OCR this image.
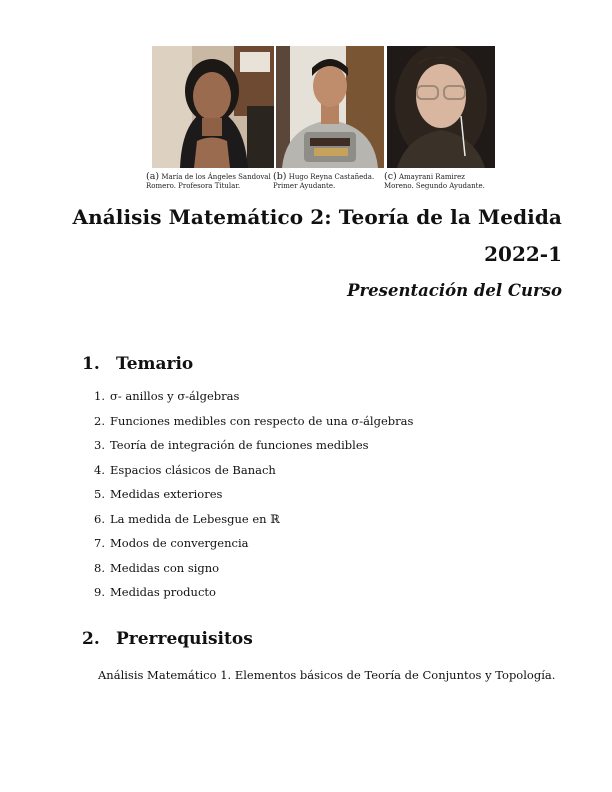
(a) María de los Ángeles Sandoval Romero. Profesora Titular.
(b) Hugo Reyna Castañeda. Primer Ayudante.
(c) Amayrani Ramirez Moreno. Segundo Ayudante.
Análisis Matemático 2: Teoría de la Medida
2022-1
Presentación del Curso
1. Temario
1. σ- anillos y σ-álgebras
2. Funciones medibles con respecto de una σ-álgebras
3. Teoría de integración de funciones medibles
4. Espacios clásicos de Banach
5. Medidas exteriores
6. La medida de Lebesgue en ℝ
7. Modos de convergencia
8. Medidas con signo
9. Medidas producto
2. Prerrequisitos
Análisis Matemático 1. Elementos básicos de Teoría de Conjuntos y Topología.
